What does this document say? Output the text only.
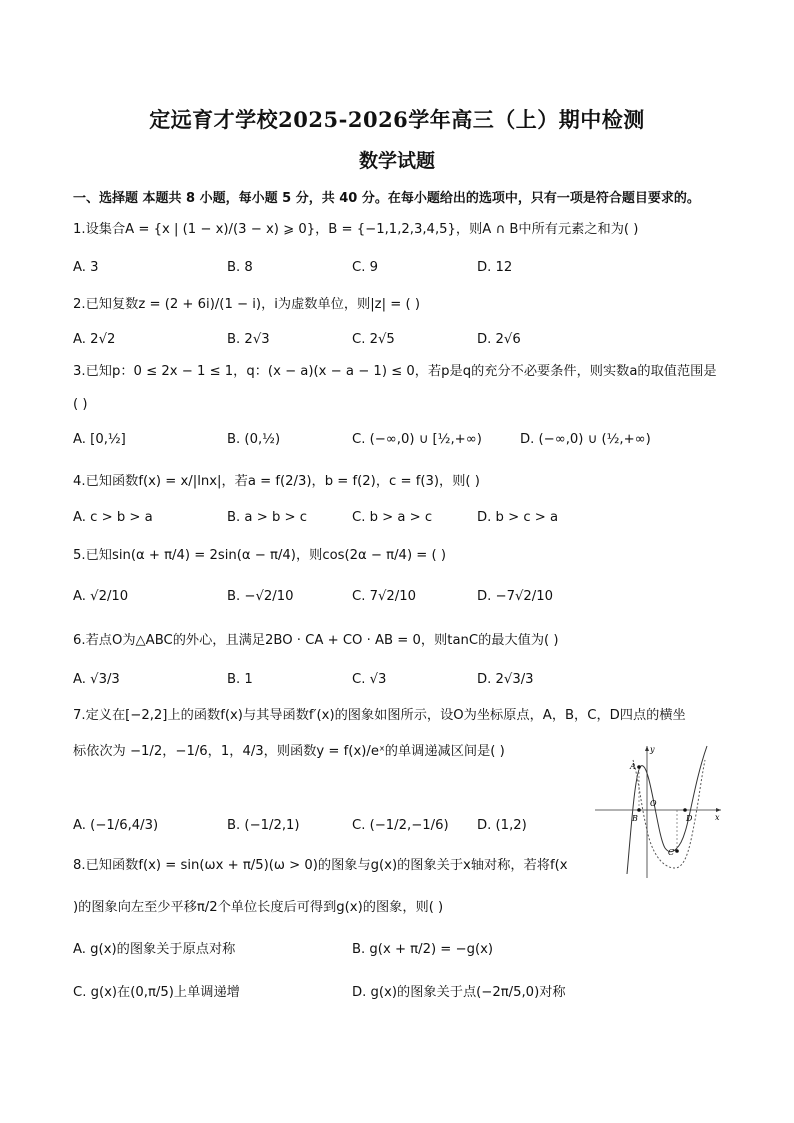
定远育才学校2025-2026学年高三（上）期中检测
数学试题
一、选择题 本题共 8 小题，每小题 5 分，共 40 分。在每小题给出的选项中，只有一项是符合题目要求的。
1.设集合A = {x | (1 − x)/(3 − x) ⩾ 0}，B = {−1,1,2,3,4,5}，则A ∩ B中所有元素之和为( )
A. 3	B. 8	C. 9	D. 12
2.已知复数z = (2 + 6i)/(1 − i)，i为虚数单位，则|z| = ( )
A. 2√2	B. 2√3	C. 2√5	D. 2√6
3.已知p：0 ≤ 2x − 1 ≤ 1，q：(x − a)(x − a − 1) ≤ 0，若p是q的充分不必要条件，则实数a的取值范围是
( )
A. [0,½]	B. (0,½)	C. (−∞,0) ∪ [½,+∞)	D. (−∞,0) ∪ (½,+∞)
4.已知函数f(x) = x/|lnx|，若a = f(2/3)，b = f(2)，c = f(3)，则( )
A. c > b > a	B. a > b > c	C. b > a > c	D. b > c > a
5.已知sin(α + π/4) = 2sin(α − π/4)，则cos(2α − π/4) = ( )
A. √2/10	B. −√2/10	C. 7√2/10	D. −7√2/10
6.若点O为△ABC的外心，且满足2BO · CA + CO · AB = 0，则tanC的最大值为( )
A. √3/3	B. 1	C. √3	D. 2√3/3
7.定义在[−2,2]上的函数f(x)与其导函数f′(x)的图象如图所示，设O为坐标原点，A，B，C，D四点的横坐
标依次为 −1/2，−1/6，1，4/3，则函数y = f(x)/eˣ的单调递减区间是( )
A. (−1/6,4/3)	B. (−1/2,1)	C. (−1/2,−1/6) D. (1,2)
y
x
A
B
O
D
C
8.已知函数f(x) = sin(ωx + π/5)(ω > 0)的图象与g(x)的图象关于x轴对称，若将f(x
)的图象向左至少平移π/2个单位长度后可得到g(x)的图象，则( )
A. g(x)的图象关于原点对称	B. g(x + π/2) = −g(x)
C. g(x)在(0,π/5)上单调递增	D. g(x)的图象关于点(−2π/5,0)对称
